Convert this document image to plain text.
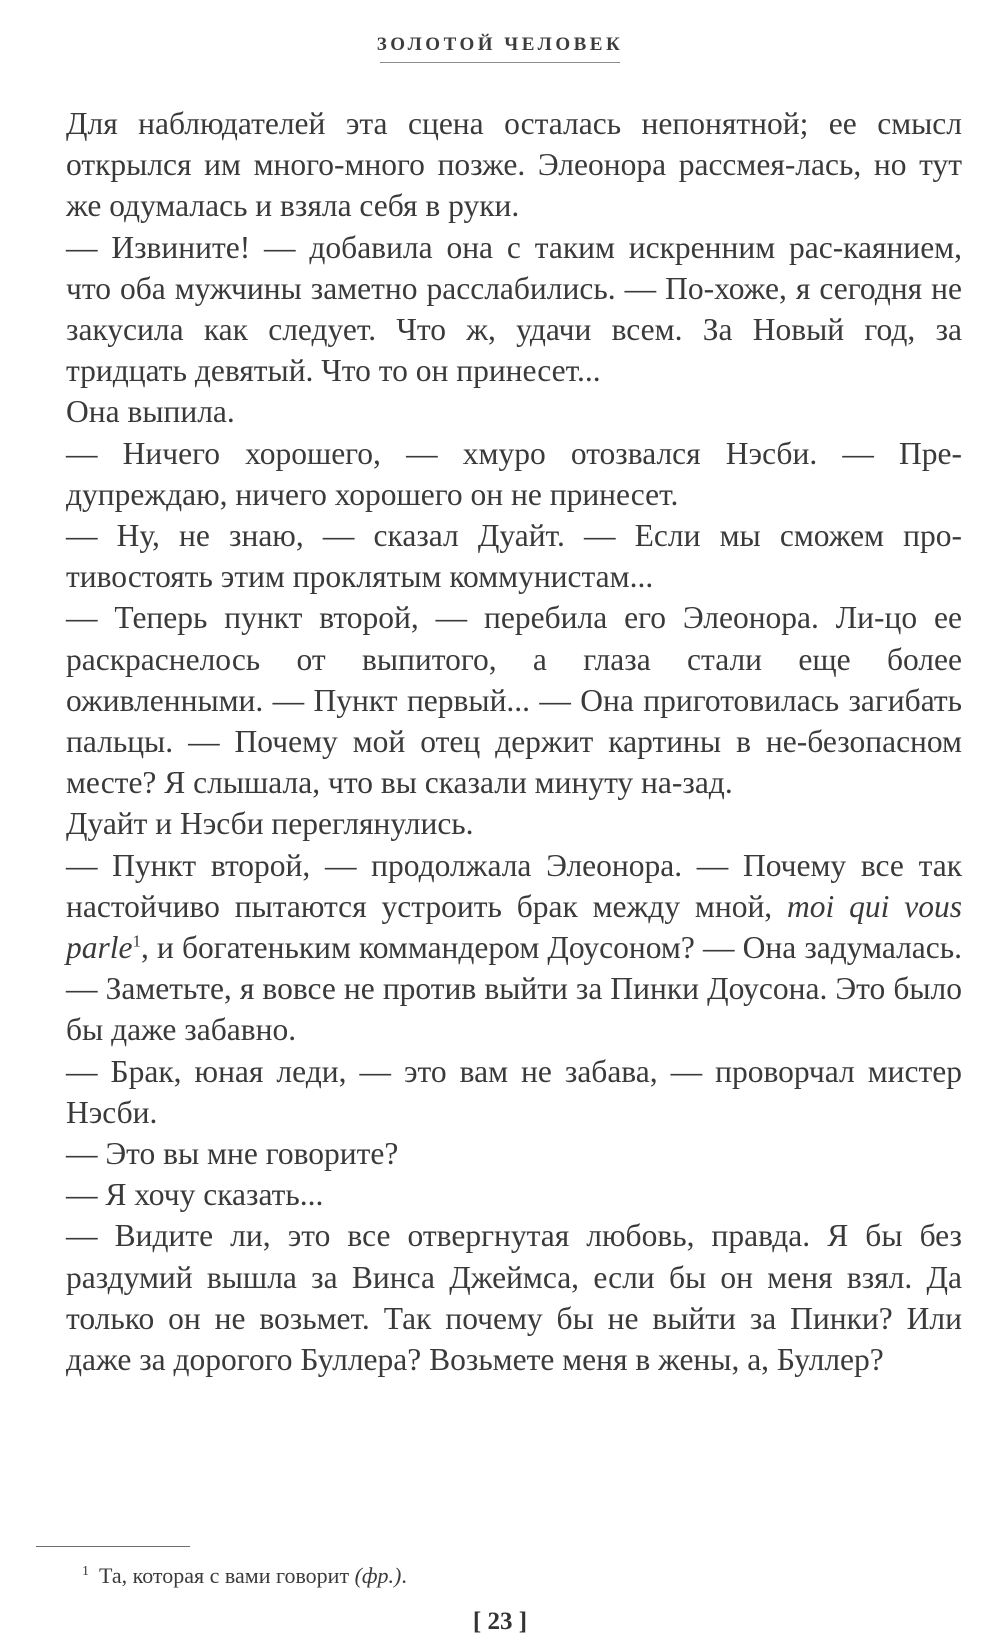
ЗОЛОТОЙ ЧЕЛОВЕК

Для наблюдателей эта сцена осталась непонятной; ее смысл открылся им много-много позже. Элеонора рассмея-лась, но тут же одумалась и взяла себя в руки.

— Извините! — добавила она с таким искренним рас-каянием, что оба мужчины заметно расслабились. — По-хоже, я сегодня не закусила как следует. Что ж, удачи всем. За Новый год, за тридцать девятый. Что то он принесет...

Она выпила.

— Ничего хорошего, — хмуро отозвался Нэсби. — Пре-дупреждаю, ничего хорошего он не принесет.

— Ну, не знаю, — сказал Дуайт. — Если мы сможем про-тивостоять этим проклятым коммунистам...

— Теперь пункт второй, — перебила его Элеонора. Ли-цо ее раскраснелось от выпитого, а глаза стали еще более оживленными. — Пункт первый... — Она приготовилась загибать пальцы. — Почему мой отец держит картины в не-безопасном месте? Я слышала, что вы сказали минуту на-зад.

Дуайт и Нэсби переглянулись.

— Пункт второй, — продолжала Элеонора. — Почему все так настойчиво пытаются устроить брак между мной, moi qui vous parle$^1$, и богатеньким коммандером Доусоном? — Она задумалась. — Заметьте, я вовсе не против выйти за Пинки Доусона. Это было бы даже забавно.

— Брак, юная леди, — это вам не забава, — проворчал мистер Нэсби.

— Это вы мне говорите?

— Я хочу сказать...

— Видите ли, это все отвергнутая любовь, правда. Я бы без раздумий вышла за Винса Джеймса, если бы он меня взял. Да только он не возьмет. Так почему бы не выйти за Пинки? Или даже за дорогого Буллера? Возьмете меня в жены, а, Буллер?

$^1$ Та, которая с вами говорит (фр.).
[ 23 ]
